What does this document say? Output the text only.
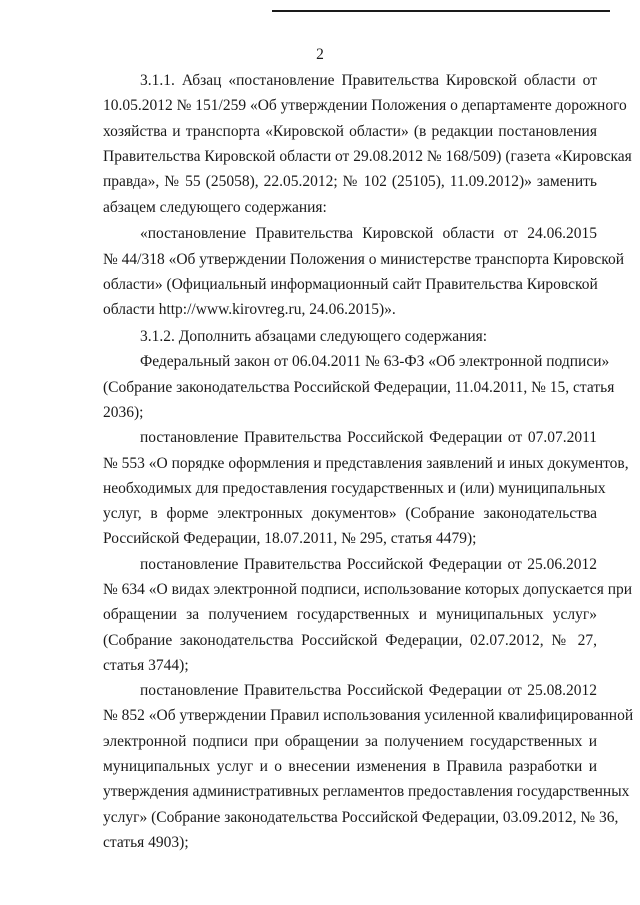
2
3.1.1. Абзац «постановление Правительства Кировской области от
10.05.2012 № 151/259 «Об утверждении Положения о департаменте дорожного
хозяйства и транспорта «Кировской области» (в редакции постановления
Правительства Кировской области от 29.08.2012 № 168/509) (газета «Кировская
правда», № 55 (25058), 22.05.2012; № 102 (25105), 11.09.2012)» заменить
абзацем следующего содержания:
«постановление Правительства Кировской области от 24.06.2015
№ 44/318 «Об утверждении Положения о министерстве транспорта Кировской
области» (Официальный информационный сайт Правительства Кировской
области http://www.kirovreg.ru, 24.06.2015)».
3.1.2. Дополнить абзацами следующего содержания:
Федеральный закон от 06.04.2011 № 63-ФЗ «Об электронной подписи»
(Собрание законодательства Российской Федерации, 11.04.2011, № 15, статья
2036);
постановление Правительства Российской Федерации от 07.07.2011
№ 553 «О порядке оформления и представления заявлений и иных документов,
необходимых для предоставления государственных и (или) муниципальных
услуг, в форме электронных документов» (Собрание законодательства
Российской Федерации, 18.07.2011, № 295, статья 4479);
постановление Правительства Российской Федерации от 25.06.2012
№ 634 «О видах электронной подписи, использование которых допускается при
обращении за получением государственных и муниципальных услуг»
(Собрание законодательства Российской Федерации, 02.07.2012, № 27,
статья 3744);
постановление Правительства Российской Федерации от 25.08.2012
№ 852 «Об утверждении Правил использования усиленной квалифицированной
электронной подписи при обращении за получением государственных и
муниципальных услуг и о внесении изменения в Правила разработки и
утверждения административных регламентов предоставления государственных
услуг» (Собрание законодательства Российской Федерации, 03.09.2012, № 36,
статья 4903);
